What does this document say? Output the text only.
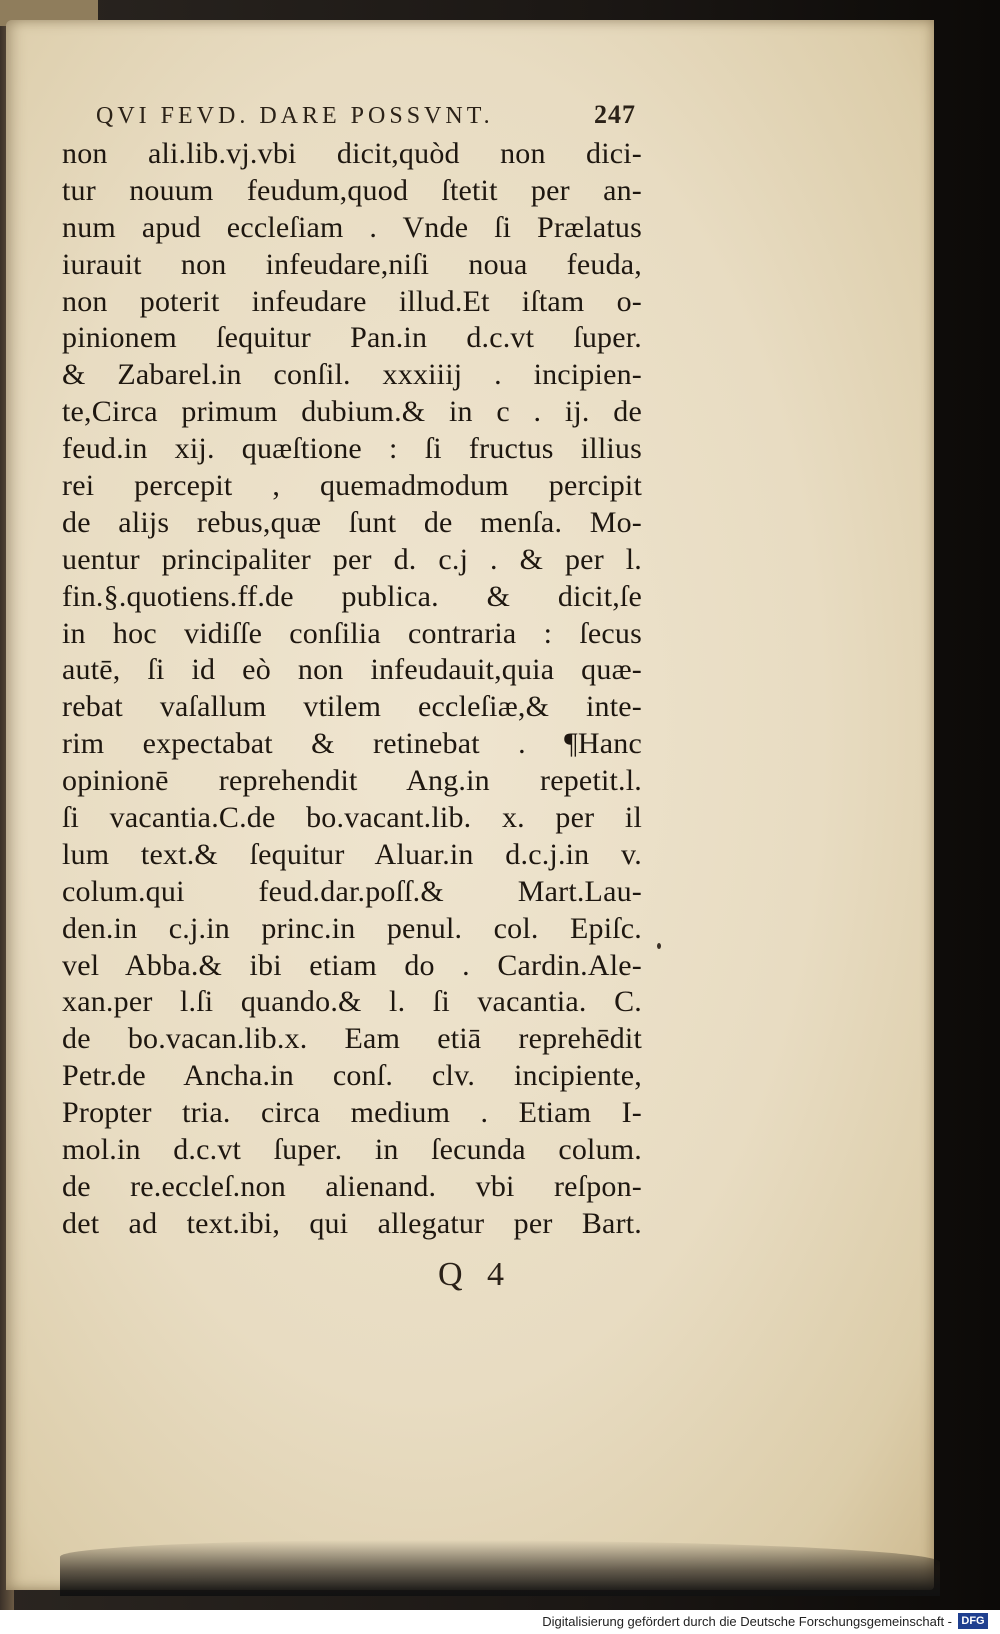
QVI FEVD. DARE POSSVNT.	247
non ali.lib.vj.vbi dicit,quòd non dici-
tur nouum feudum,quod ſtetit per an-
num apud eccleſiam . Vnde ſi Prælatus
iurauit non infeudare,niſi noua feuda,
non poterit infeudare illud.Et iſtam o-
pinionem ſequitur Pan.in d.c.vt ſuper.
& Zabarel.in conſil. xxxiiij . incipien-
te,Circa primum dubium.& in c . ij. de
feud.in xij. quæſtione : ſi fructus illius
rei percepit , quemadmodum percipit
de aliјs rebus,quæ ſunt de menſa. Mo-
uentur principaliter per d. c.j . & per l.
fin.§.quotiens.ff.de publica. & dicit,ſe
in hoc vidiſſe conſilia contraria : ſecus
autē, ſi id eò non infeudauit,quia quæ-
rebat vaſallum vtilem eccleſiæ,& inte-
rim expectabat & retinebat . ¶Hanc
opinionē reprehendit Ang.in repetit.l.
ſi vacantia.C.de bo.vacant.lib. x. per il
lum text.& ſequitur Aluar.in d.c.j.in v.
colum.qui feud.dar.poſſ.& Mart.Lau-
den.in c.j.in princ.in penul. col. Epiſc.
vel Abba.& ibi etiam do . Cardin.Ale-
xan.per l.ſi quando.& l. ſi vacantia. C.
de bo.vacan.lib.x. Eam etiā reprehēdit
Petr.de Ancha.in conſ. clv. incipiente,
Propter tria. circa medium . Etiam I-
mol.in d.c.vt ſuper. in ſecunda colum.
de re.eccleſ.non alienand. vbi reſpon-
det ad text.ibi, qui allegatur per Bart.
Q 4
Digitalisierung gefördert durch die Deutsche Forschungsgemeinschaft - DFG
